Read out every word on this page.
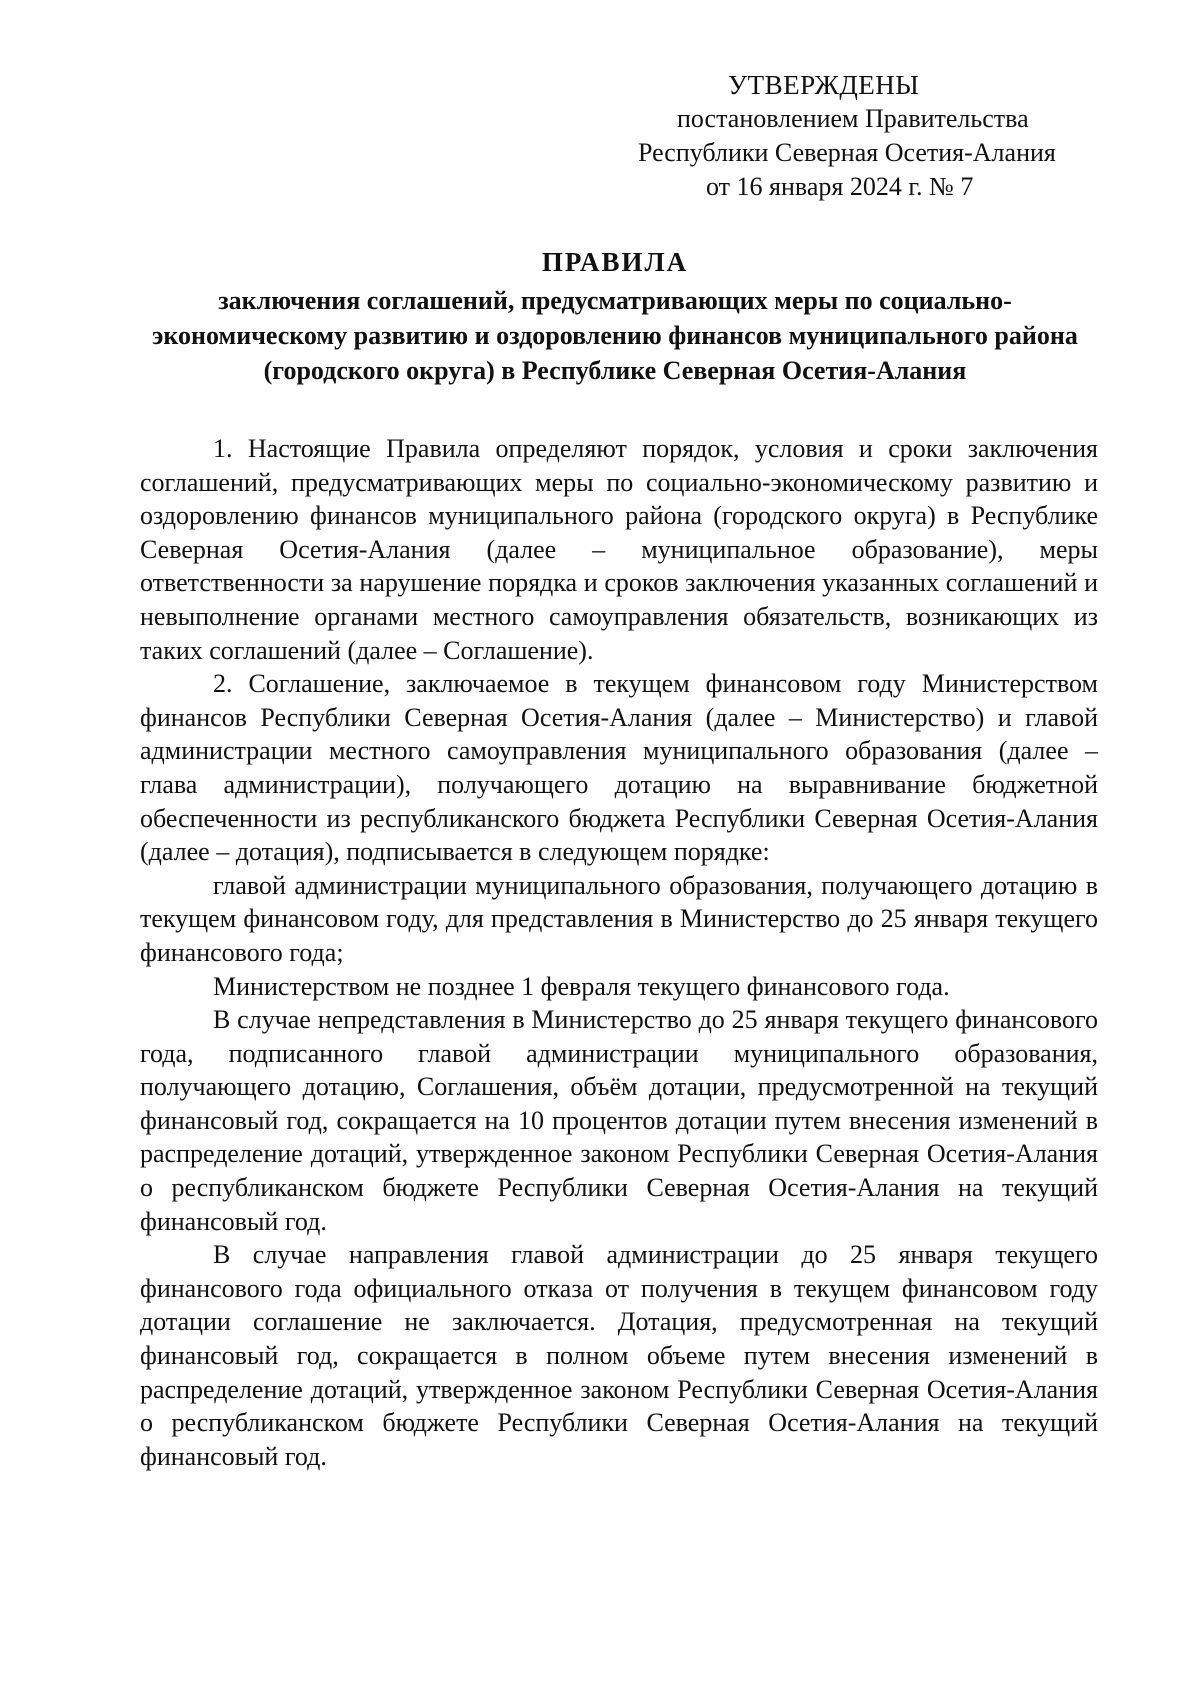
УТВЕРЖДЕНЫ
постановлением Правительства
Республики Северная Осетия-Алания
от 16 января 2024 г. № 7
ПРАВИЛА
заключения соглашений, предусматривающих меры по социально-экономическому развитию и оздоровлению финансов муниципального района (городского округа) в Республике Северная Осетия-Алания

1. Настоящие Правила определяют порядок, условия и сроки заключения соглашений, предусматривающих меры по социально-экономическому развитию и оздоровлению финансов муниципального района (городского округа) в Республике Северная Осетия-Алания (далее – муниципальное образование), меры ответственности за нарушение порядка и сроков заключения указанных соглашений и невыполнение органами местного самоуправления обязательств, возникающих из таких соглашений (далее – Соглашение).

2. Соглашение, заключаемое в текущем финансовом году Министерством финансов Республики Северная Осетия-Алания (далее – Министерство) и главой администрации местного самоуправления муниципального образования (далее – глава администрации), получающего дотацию на выравнивание бюджетной обеспеченности из республиканского бюджета Республики Северная Осетия-Алания (далее – дотация), подписывается в следующем порядке:

главой администрации муниципального образования, получающего дотацию в текущем финансовом году, для представления в Министерство до 25 января текущего финансового года;

Министерством не позднее 1 февраля текущего финансового года.

В случае непредставления в Министерство до 25 января текущего финансового года, подписанного главой администрации муниципального образования, получающего дотацию, Соглашения, объём дотации, предусмотренной на текущий финансовый год, сокращается на 10 процентов дотации путем внесения изменений в распределение дотаций, утвержденное законом Республики Северная Осетия-Алания о республиканском бюджете Республики Северная Осетия-Алания на текущий финансовый год.

В случае направления главой администрации до 25 января текущего финансового года официального отказа от получения в текущем финансовом году дотации соглашение не заключается. Дотация, предусмотренная на текущий финансовый год, сокращается в полном объеме путем внесения изменений в распределение дотаций, утвержденное законом Республики Северная Осетия-Алания о республиканском бюджете Республики Северная Осетия-Алания на текущий финансовый год.
